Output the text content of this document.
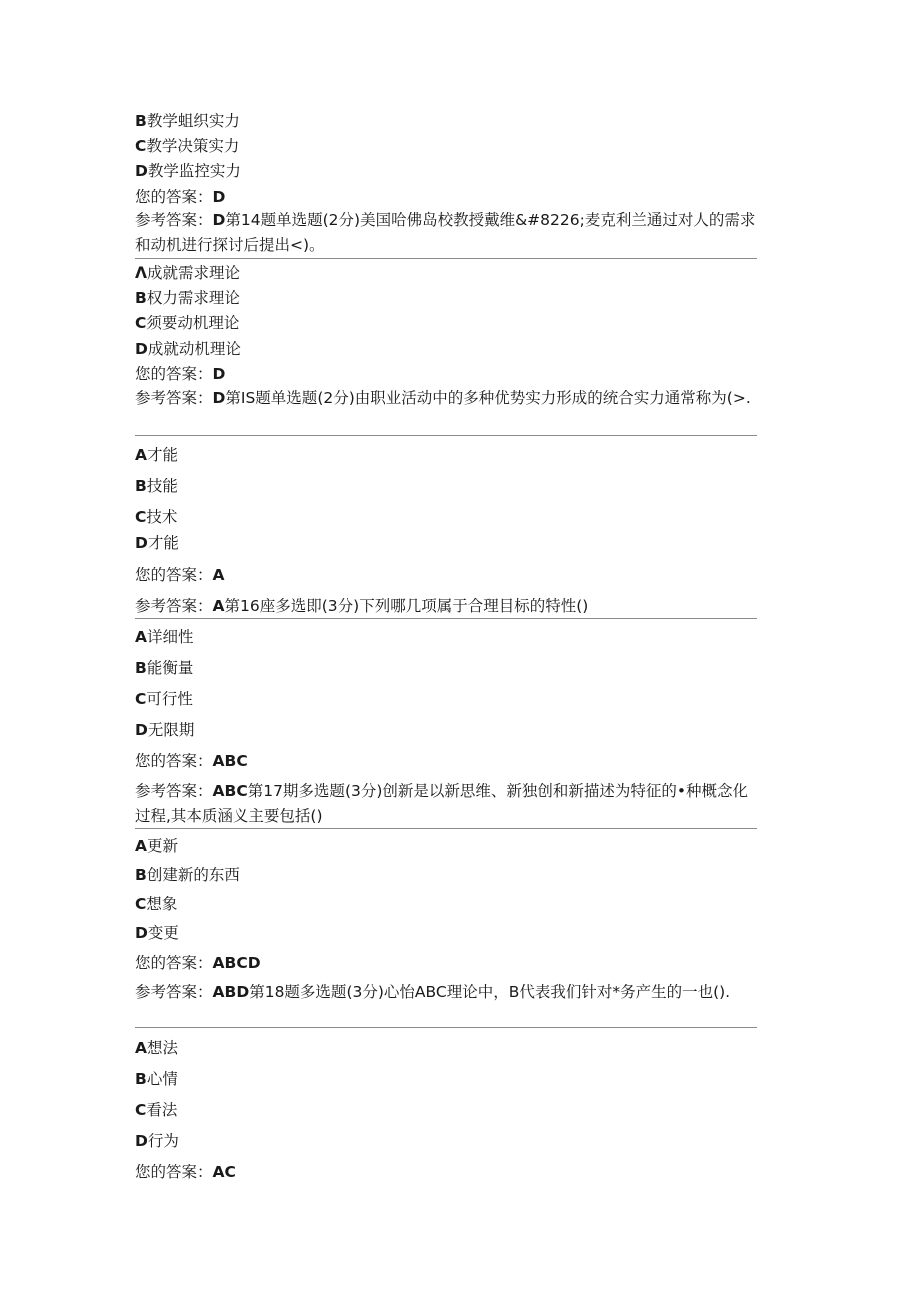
B教学蛆织实力
C教学决策实力
D教学监控实力
您的答案：D
参考答案：D第14题单选题(2分)美国哈佛岛校教授戴维&#8226;麦克利兰通过对人的需求和动机进行探讨后提出<)。
Λ成就需求理论
B权力需求理论
C须要动机理论
D成就动机理论
您的答案：D
参考答案：D第IS题单选题(2分)由职业活动中的多种优势实力形成的统合实力通常称为(>.
A才能
B技能
C技术
D才能
您的答案：A
参考答案：A第16座多选即(3分)下列哪几项属于合理目标的特性()
A详细性
B能衡量
C可行性
D无限期
您的答案：ABC
参考答案：ABC第17期多选题(3分)创新是以新思维、新独创和新描述为特征的•种概念化过程,其本质涵义主要包括()
A更新
B创建新的东西
C想象
D变更
您的答案：ABCD
参考答案：ABD第18题多选题(3分)心怡ABC理论中，B代表我们针对*务产生的一也().
A想法
B心情
C看法
D行为
您的答案：AC
